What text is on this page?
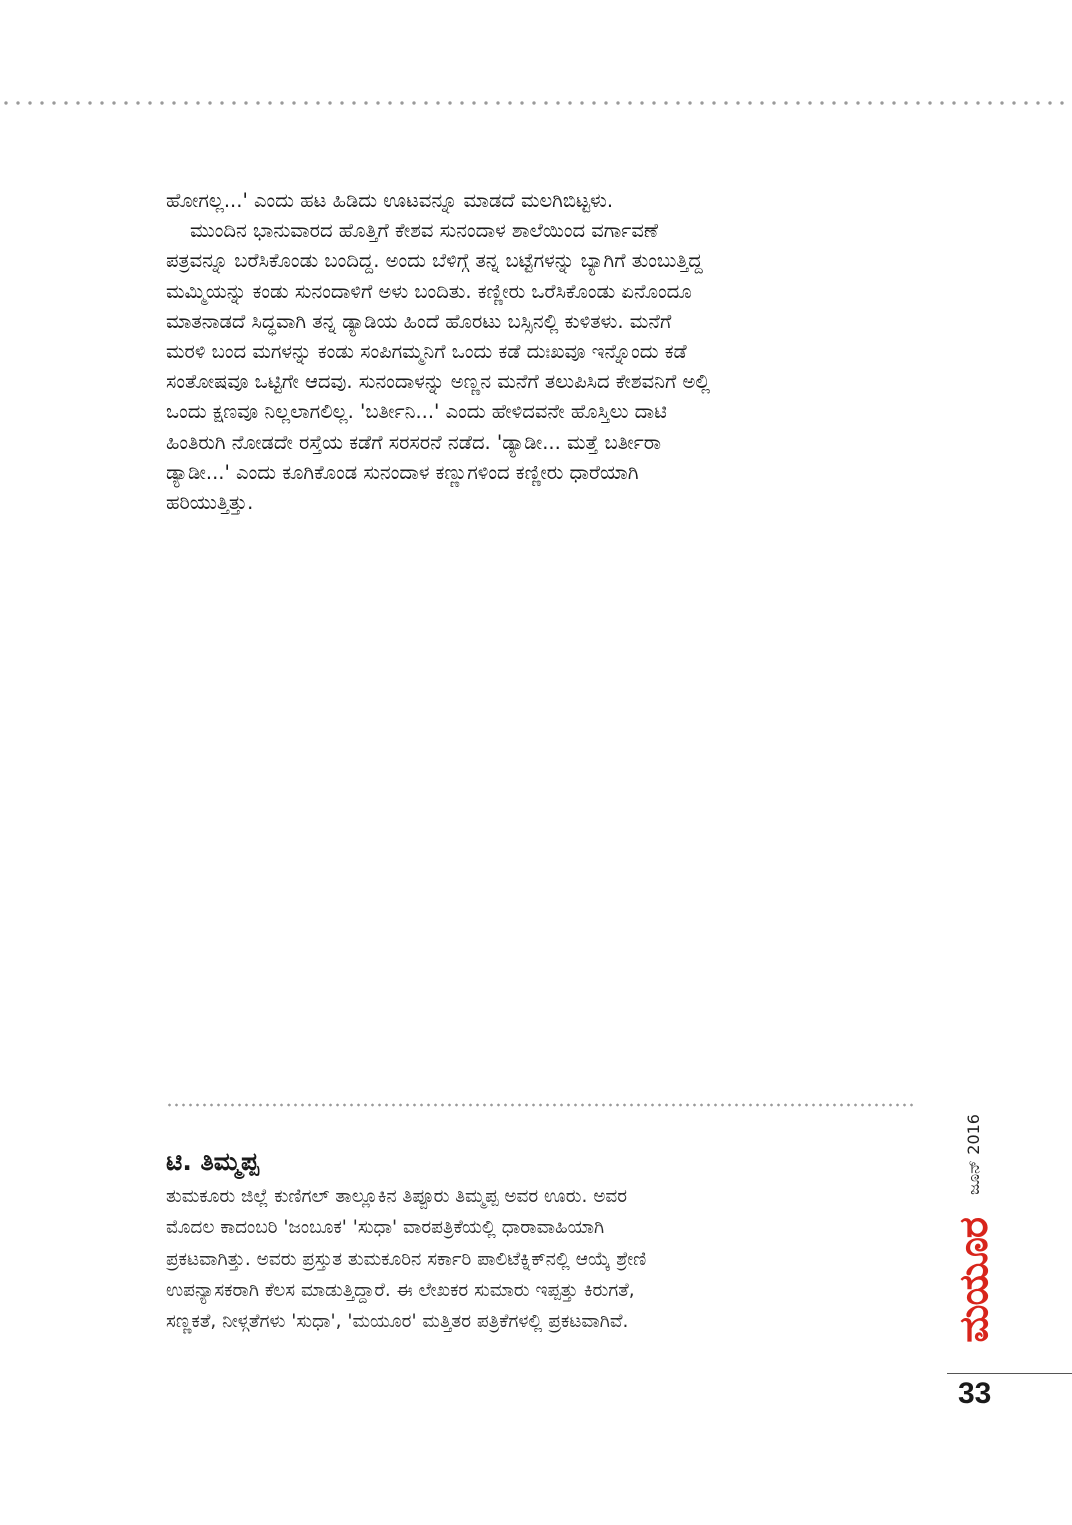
ಹೋಗಲ್ಲ...' ಎಂದು ಹಟ ಹಿಡಿದು ಊಟವನ್ನೂ ಮಾಡದೆ ಮಲಗಿಬಿಟ್ಟಳು.

ಮುಂದಿನ ಭಾನುವಾರದ ಹೊತ್ತಿಗೆ ಕೇಶವ ಸುನಂದಾಳ ಶಾಲೆಯಿಂದ ವರ್ಗಾವಣೆ
ಪತ್ರವನ್ನೂ ಬರೆಸಿಕೊಂಡು ಬಂದಿದ್ದ. ಅಂದು ಬೆಳಿಗ್ಗೆ ತನ್ನ ಬಟ್ಟೆಗಳನ್ನು ಬ್ಯಾಗಿಗೆ ತುಂಬುತ್ತಿದ್ದ
ಮಮ್ಮಿಯನ್ನು ಕಂಡು ಸುನಂದಾಳಿಗೆ ಅಳು ಬಂದಿತು. ಕಣ್ಣೀರು ಒರೆಸಿಕೊಂಡು ಏನೊಂದೂ
ಮಾತನಾಡದೆ ಸಿದ್ಧವಾಗಿ ತನ್ನ ಡ್ಯಾಡಿಯ ಹಿಂದೆ ಹೊರಟು ಬಸ್ಸಿನಲ್ಲಿ ಕುಳಿತಳು. ಮನೆಗೆ
ಮರಳಿ ಬಂದ ಮಗಳನ್ನು ಕಂಡು ಸಂಪಿಗಮ್ಮನಿಗೆ ಒಂದು ಕಡೆ ದುಃಖವೂ ಇನ್ನೊಂದು ಕಡೆ
ಸಂತೋಷವೂ ಒಟ್ಟಿಗೇ ಆದವು. ಸುನಂದಾಳನ್ನು ಅಣ್ಣನ ಮನೆಗೆ ತಲುಪಿಸಿದ ಕೇಶವನಿಗೆ ಅಲ್ಲಿ
ಒಂದು ಕ್ಷಣವೂ ನಿಲ್ಲಲಾಗಲಿಲ್ಲ. 'ಬರ್ತೀನಿ...' ಎಂದು ಹೇಳಿದವನೇ ಹೊಸ್ತಿಲು ದಾಟಿ
ಹಿಂತಿರುಗಿ ನೋಡದೇ ರಸ್ತೆಯ ಕಡೆಗೆ ಸರಸರನೆ ನಡೆದ. 'ಡ್ಯಾಡೀ... ಮತ್ತೆ ಬರ್ತೀರಾ
ಡ್ಯಾಡೀ...' ಎಂದು ಕೂಗಿಕೊಂಡ ಸುನಂದಾಳ ಕಣ್ಣುಗಳಿಂದ ಕಣ್ಣೀರು ಧಾರೆಯಾಗಿ
ಹರಿಯುತ್ತಿತ್ತು.

ಟಿ. ತಿಮ್ಮಪ್ಪ
ತುಮಕೂರು ಜಿಲ್ಲೆ ಕುಣಿಗಲ್ ತಾಲ್ಲೂಕಿನ ತಿಪ್ಪೂರು ತಿಮ್ಮಪ್ಪ ಅವರ ಊರು. ಅವರ
ಮೊದಲ ಕಾದಂಬರಿ 'ಜಂಬೂಕ' 'ಸುಧಾ' ವಾರಪತ್ರಿಕೆಯಲ್ಲಿ ಧಾರಾವಾಹಿಯಾಗಿ
ಪ್ರಕಟವಾಗಿತ್ತು. ಅವರು ಪ್ರಸ್ತುತ ತುಮಕೂರಿನ ಸರ್ಕಾರಿ ಪಾಲಿಟೆಕ್ನಿಕ್‌ನಲ್ಲಿ ಆಯ್ಕೆ ಶ್ರೇಣಿ
ಉಪನ್ಯಾಸಕರಾಗಿ ಕೆಲಸ ಮಾಡುತ್ತಿದ್ದಾರೆ. ಈ ಲೇಖಕರ ಸುಮಾರು ಇಪ್ಪತ್ತು ಕಿರುಗತೆ,
ಸಣ್ಣಕತೆ, ನೀಳ್ಗತೆಗಳು 'ಸುಧಾ', 'ಮಯೂರ' ಮತ್ತಿತರ ಪತ್ರಿಕೆಗಳಲ್ಲಿ ಪ್ರಕಟವಾಗಿವೆ.
ಜೂನ್ 2016
ಮಯೂರ
33
